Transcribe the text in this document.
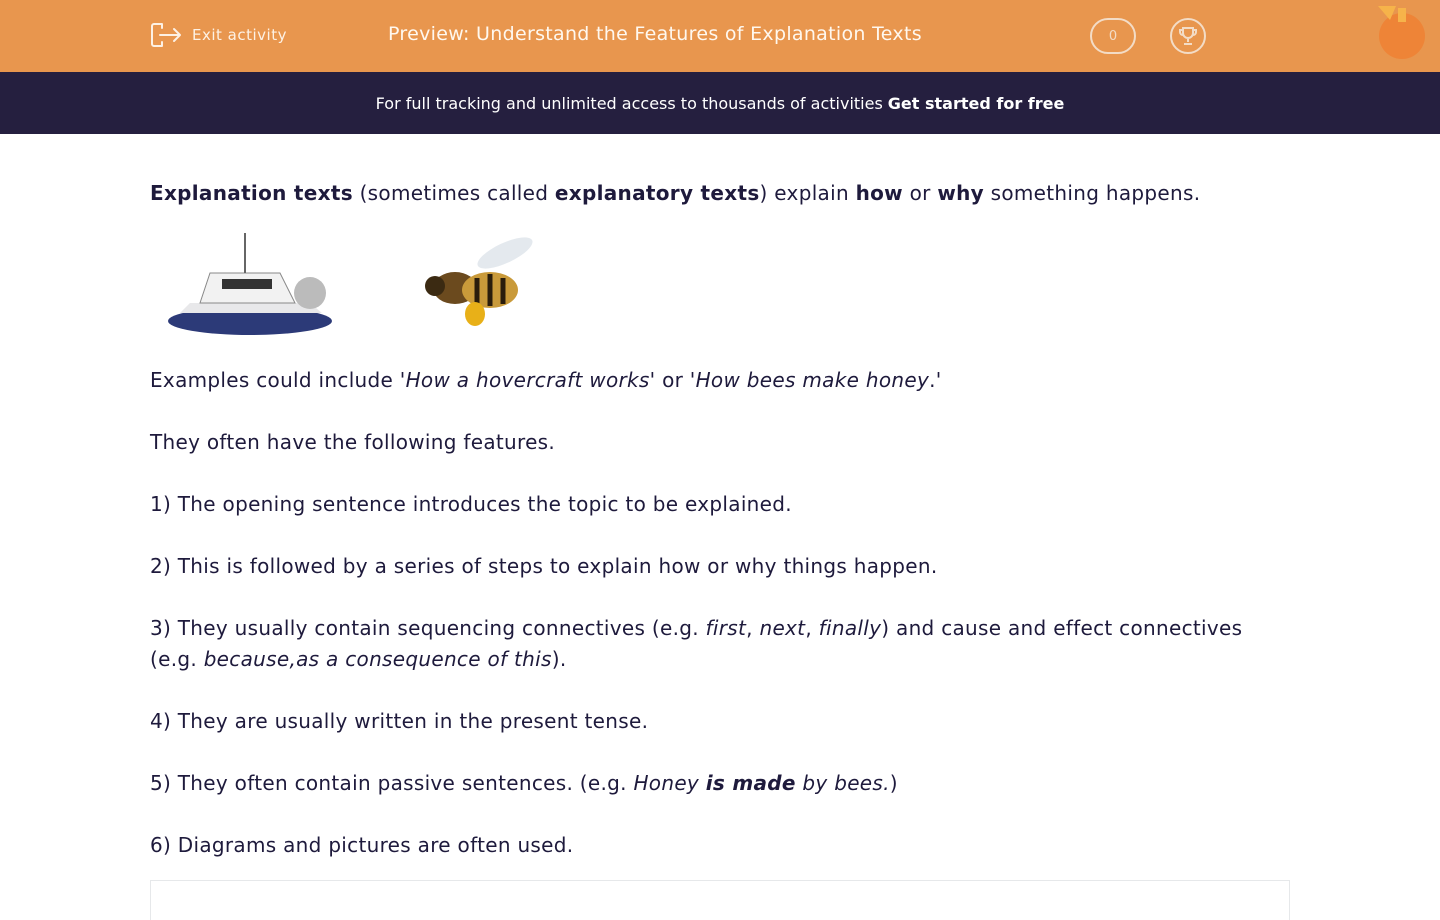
Exit activity	Preview: Understand the Features of Explanation Texts	0
For full tracking and unlimited access to thousands of activities Get started for free

Explanation texts (sometimes called explanatory texts) explain how or why something happens.

Examples could include 'How a hovercraft works' or 'How bees make honey.'

They often have the following features.

1) The opening sentence introduces the topic to be explained.

2) This is followed by a series of steps to explain how or why things happen.

3) They usually contain sequencing connectives (e.g. first, next, finally) and cause and effect connectives (e.g. because,as a consequence of this).

4) They are usually written in the present tense.

5) They often contain passive sentences. (e.g. Honey is made by bees.)

6) Diagrams and pictures are often used.
